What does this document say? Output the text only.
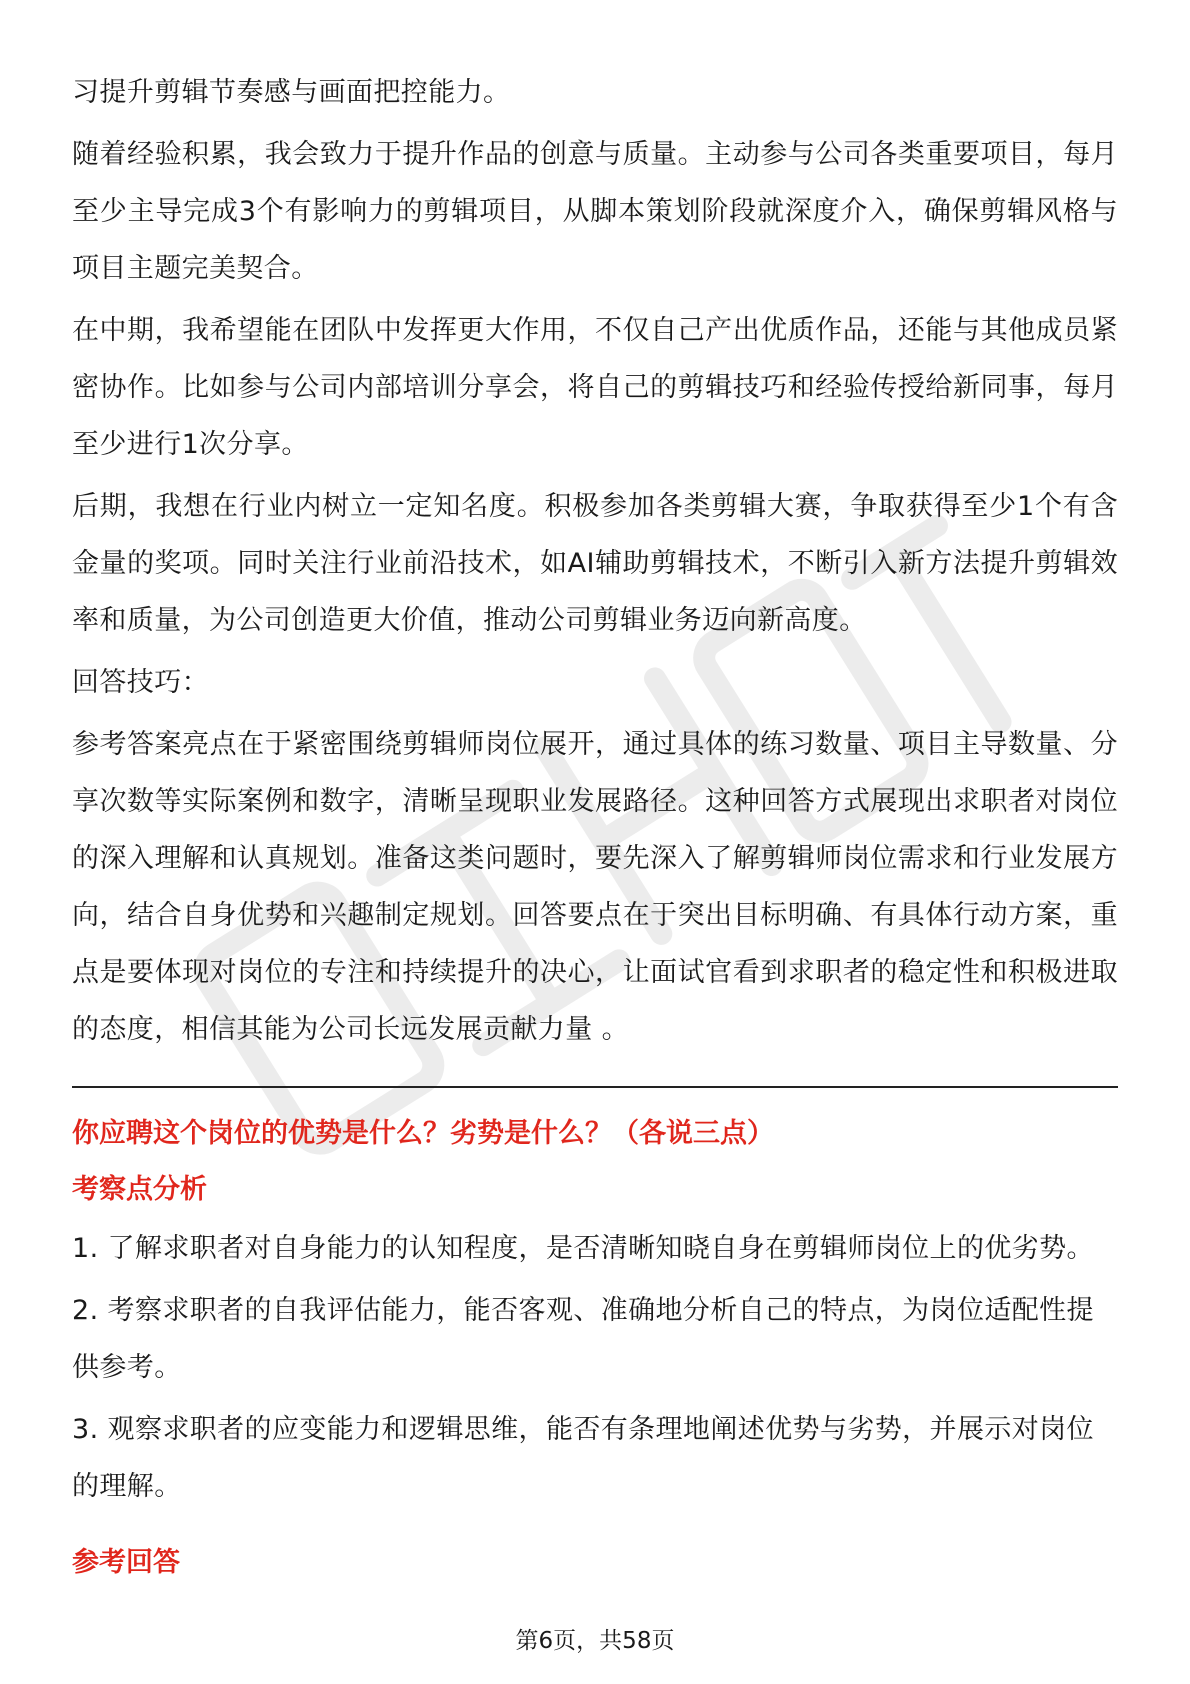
习提升剪辑节奏感与画面把控能力。

随着经验积累，我会致力于提升作品的创意与质量。主动参与公司各类重要项目，每月至少主导完成3个有影响力的剪辑项目，从脚本策划阶段就深度介入，确保剪辑风格与项目主题完美契合。

在中期，我希望能在团队中发挥更大作用，不仅自己产出优质作品，还能与其他成员紧密协作。比如参与公司内部培训分享会，将自己的剪辑技巧和经验传授给新同事，每月至少进行1次分享。

后期，我想在行业内树立一定知名度。积极参加各类剪辑大赛，争取获得至少1个有含金量的奖项。同时关注行业前沿技术，如AI辅助剪辑技术，不断引入新方法提升剪辑效率和质量，为公司创造更大价值，推动公司剪辑业务迈向新高度。

回答技巧：

参考答案亮点在于紧密围绕剪辑师岗位展开，通过具体的练习数量、项目主导数量、分享次数等实际案例和数字，清晰呈现职业发展路径。这种回答方式展现出求职者对岗位的深入理解和认真规划。准备这类问题时，要先深入了解剪辑师岗位需求和行业发展方向，结合自身优势和兴趣制定规划。回答要点在于突出目标明确、有具体行动方案，重点是要体现对岗位的专注和持续提升的决心，让面试官看到求职者的稳定性和积极进取的态度，相信其能为公司长远发展贡献力量 。

你应聘这个岗位的优势是什么？劣势是什么？（各说三点）

考察点分析

1. 了解求职者对自身能力的认知程度，是否清晰知晓自身在剪辑师岗位上的优劣势。

2. 考察求职者的自我评估能力，能否客观、准确地分析自己的特点，为岗位适配性提供参考。

3. 观察求职者的应变能力和逻辑思维，能否有条理地阐述优势与劣势，并展示对岗位的理解。

参考回答

第6页，共58页
